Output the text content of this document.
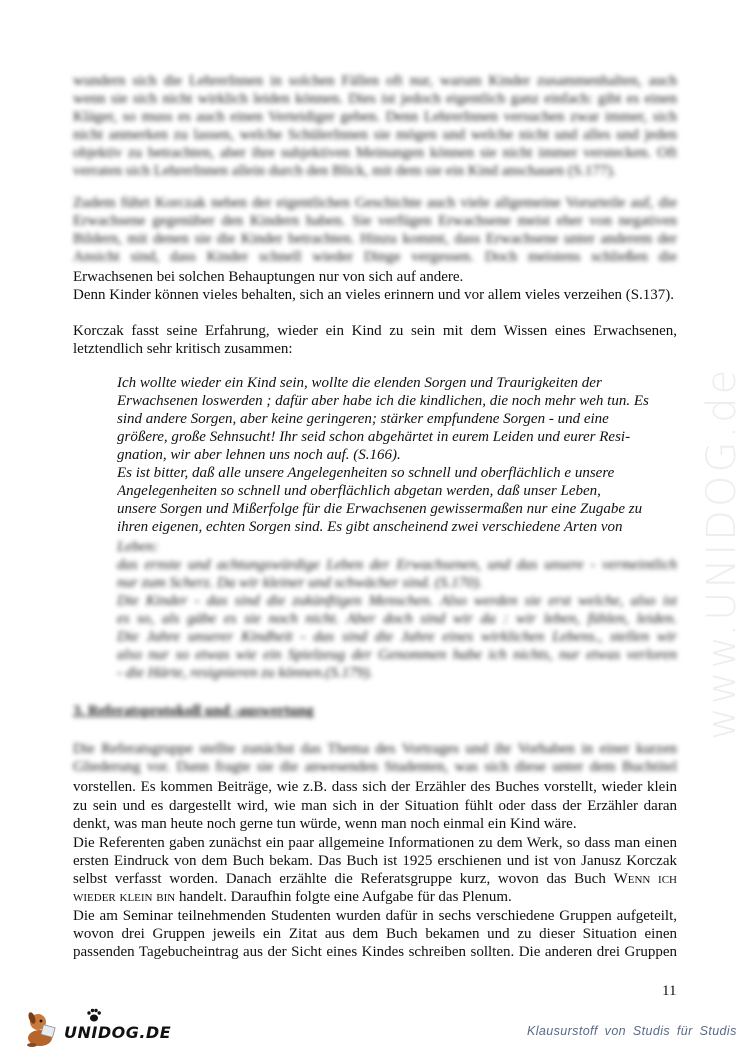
www.UNIDOG.de
wundern sich die LehrerInnen in solchen Fällen oft nur, warum Kinder zusammenhalten, auch
wenn sie sich nicht wirklich leiden können. Dies ist jedoch eigentlich ganz einfach: gibt es einen
Kläger, so muss es auch einen Verteidiger geben. Denn LehrerInnen versuchen zwar immer, sich
nicht anmerken zu lassen, welche SchülerInnen sie mögen und welche nicht und alles und jeden
objektiv zu betrachten, aber ihre subjektiven Meinungen können sie nicht immer verstecken. Oft
verraten sich LehrerInnen allein durch den Blick, mit dem sie ein Kind anschauen (S.177).
Zudem führt Korczak neben der eigentlichen Geschichte auch viele allgemeine Vorurteile auf, die
Erwachsene gegenüber den Kindern haben. Sie verfügen Erwachsene meist eher von negativen
Bildern, mit denen sie die Kinder betrachten. Hinzu kommt, dass Erwachsene unter anderem der
Ansicht sind, dass Kinder schnell wieder Dinge vergessen. Doch meistens schließen die
Erwachsenen bei solchen Behauptungen nur von sich auf andere.
Denn Kinder können vieles behalten, sich an vieles erinnern und vor allem vieles verzeihen (S.137).
Korczak fasst seine Erfahrung, wieder ein Kind zu sein mit dem Wissen eines Erwachsenen,
letztendlich sehr kritisch zusammen:
Ich wollte wieder ein Kind sein, wollte die elenden Sorgen und Traurigkeiten der
Erwachsenen loswerden ; dafür aber habe ich die kindlichen, die noch mehr weh tun. Es
sind andere Sorgen, aber keine geringeren; stärker empfundene Sorgen - und eine
größere, große Sehnsucht! Ihr seid schon abgehärtet in eurem Leiden und eurer Resi-
gnation, wir aber lehnen uns noch auf. (S.166).
Es ist bitter, daß alle unsere Angelegenheiten so schnell und oberflächlich e unsere
Angelegenheiten so schnell und oberflächlich abgetan werden, daß unser Leben,
unsere Sorgen und Mißerfolge für die Erwachsenen gewissermaßen nur eine Zugabe zu
ihren eigenen, echten Sorgen sind. Es gibt anscheinend zwei verschiedene Arten von
Leben:
das ernste und achtungswürdige Leben der Erwachsenen, und das unsere - vermeintlich
nur zum Scherz. Da wir kleiner und schwächer sind. (S.170).
Die Kinder - das sind die zukünftigen Menschen. Also werden sie erst welche, also ist
es so, als gäbe es sie noch nicht. Aber doch sind wir da : wir leben, fühlen, leiden.
Die Jahre unserer Kindheit - das sind die Jahre eines wirklichen Lebens., stellen wir
also nur so etwas wie ein Spielzeug der Genommen habe ich nichts, nur etwas verloren
- die Härte, resignieren zu können.(S.179).
3. Referatsprotokoll und -auswertung
Die Referatsgruppe stellte zunächst das Thema des Vortrages und ihr Vorhaben in einer kurzen
Gliederung vor. Dann fragte sie die anwesenden Studenten, was sich diese unter dem Buchtitel
vorstellen. Es kommen Beiträge, wie z.B. dass sich der Erzähler des Buches vorstellt, wieder klein
zu sein und es dargestellt wird, wie man sich in der Situation fühlt oder dass der Erzähler daran
denkt, was man heute noch gerne tun würde, wenn man noch einmal ein Kind wäre.
Die Referenten gaben zunächst ein paar allgemeine Informationen zu dem Werk, so dass man einen
ersten Eindruck von dem Buch bekam. Das Buch ist 1925 erschienen und ist von Janusz Korczak
selbst verfasst worden. Danach erzählte die Referatsgruppe kurz, wovon das Buch Wenn ich
wieder klein bin handelt. Daraufhin folgte eine Aufgabe für das Plenum.
Die am Seminar teilnehmenden Studenten wurden dafür in sechs verschiedene Gruppen aufgeteilt,
wovon drei Gruppen jeweils ein Zitat aus dem Buch bekamen und zu dieser Situation einen
passenden Tagebucheintrag aus der Sicht eines Kindes schreiben sollten. Die anderen drei Gruppen
11
UNIDOG.DE	Klausurstoff von Studis für Studis
